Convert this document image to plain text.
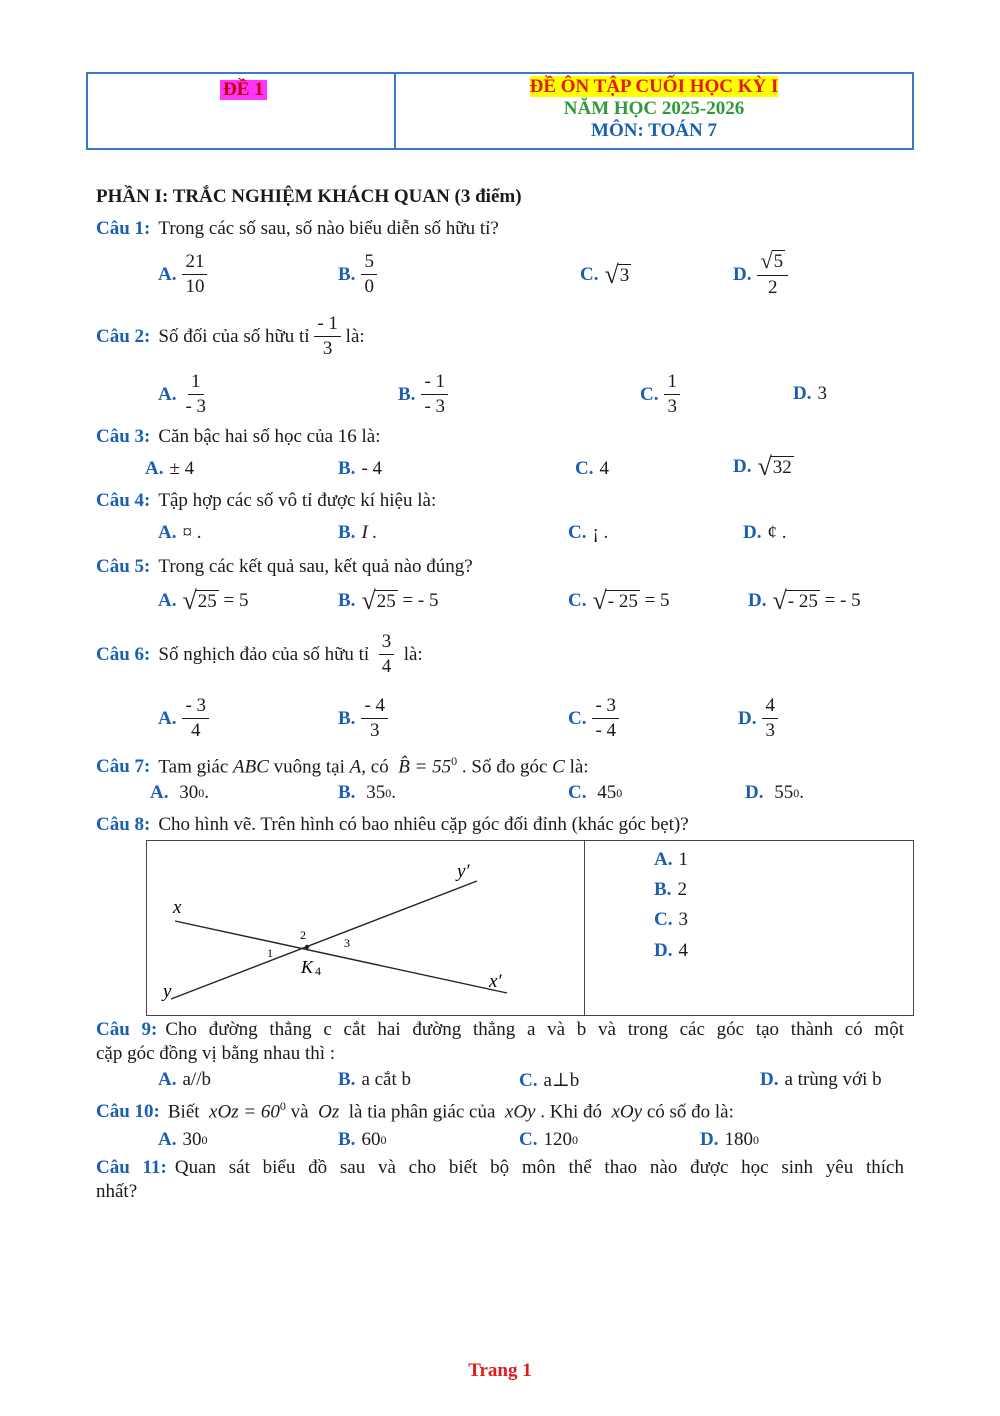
ĐỀ 1	ĐỀ ÔN TẬP CUỐI HỌC KỲ I
NĂM HỌC 2025-2026
MÔN: TOÁN 7
PHẦN I: TRẮC NGHIỆM KHÁCH QUAN (3 điểm)
Câu 1: Trong các số sau, số nào biểu diễn số hữu tỉ?
A. $\frac{21}{10}$	B. $\frac{5}{0}$	C. √ 3	D. $\frac{√ 5}{2}$
Câu 2: Số đối của số hữu tỉ
$\frac{- 1}{3}$
là:
A. $\frac{1}{- 3}$	B. $\frac{- 1}{- 3}$	C. $\frac{1}{3}$	D. 3
Câu 3: Căn bậc hai số học của 16 là:
A. ± 4	B. - 4	C. 4	D. √ 32
Câu 4: Tập hợp các số vô tỉ được kí hiệu là:
A. ¤ .	B. I .	C. ¡ .	D. ¢ .
Câu 5: Trong các kết quả sau, kết quả nào đúng?
A. √ 25
= 5	B. √ 25
= - 5	C. √ - 25
= 5	D. √ - 25
= - 5
Câu 6: Số nghịch đảo của số hữu tỉ
$\frac{3}{4}$
là:
A. $\frac{- 3}{4}$	B. $\frac{- 4}{3}$	C. $\frac{- 3}{- 4}$	D. $\frac{4}{3}$
Câu 7: Tam giác ABC vuông tại A, có B̂ = $55^0$ . Số đo góc C là:
A.
30 0 .	B.
35 0 .	C.
45 0	D.
55 0 .
Câu 8: Cho hình vẽ. Trên hình có bao nhiêu cặp góc đối đỉnh (khác góc bẹt)?
x
y
y′
x′
K
1
2
3
4
A. 1
B. 2
C. 3
D. 4
Câu 9: Cho đường thẳng c cắt hai đường thẳng a và b và trong các góc tạo thành có một
cặp góc đồng vị bằng nhau thì :
A. a//b	B. a cắt b	C. a⊥b	D. a trùng với b
Câu 10: Biết xOz = $60^0$ và Oz là tia phân giác của xOy . Khi đó xOy có số đo là:
A. 30 0	B. 60 0	C. 120 0	D. 180 0
Câu 11: Quan sát biểu đồ sau và cho biết bộ môn thể thao nào được học sinh yêu thích
nhất?
Trang 1
